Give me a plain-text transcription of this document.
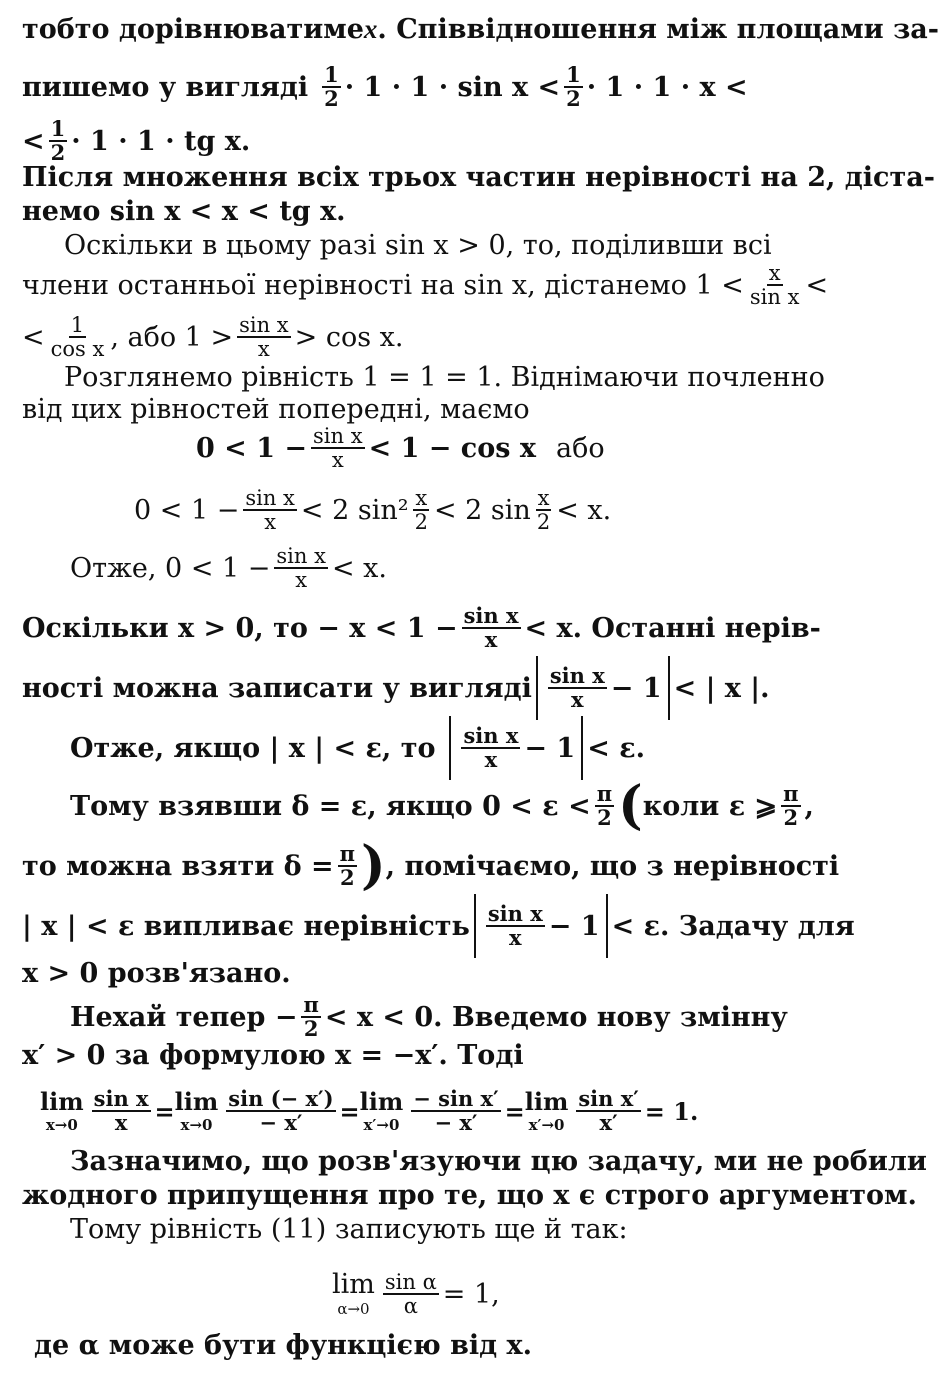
тобто дорівнюватиме x . Співвідношення між площами за-
пишемо у вигляді $\frac{1}{2} \cdot 1 \cdot 1 \cdot \sin x < \frac{1}{2} \cdot 1 \cdot 1 \cdot x$ <
< $\frac{1}{2} \cdot 1 \cdot 1$ · tg x.
Після множення всіх трьох частин нерівності на 2, діста-
немо sin x < x < tg x.
Оскільки в цьому разі sin x > 0, то, поділивши всі
члени останньої нерівності на sin x, дістанемо $1 < \frac{x}{\text{sin x}}$ <
< $\frac{1}{\text{cos x}}$ , або $1 > \frac{\text{sin x}}{x} > \cos x$.
Розглянемо рівність 1 = 1 = 1. Віднімаючи почленно
від цих рівностей попередні, маємо
$0 < 1 - \frac{\text{sin x}}{x} < 1 - \cos x$ або
$0 < 1 - \frac{\text{sin x}}{x} < 2$ $\sin^2 \frac{x}{2} < 2$ $\sin \frac{x}{2} < x$.
Отже, $0 < 1 - \frac{\text{sin x}}{x} < x$.
Оскільки x > 0, то − $x < 1 - \frac{\text{sin x}}{x} < x$. Останні нерів-
ності можна записати у вигляді $\frac{\text{sin x}}{x} - 1$ < | x |.
Отже, якщо | x | < ε, то $\frac{\text{sin x}}{x} - 1 < \varepsilon$.
Тому взявши δ = ε, якщо $0 < \varepsilon < \frac{\pi}{2}$ ( коли ε ⩾ $\frac{\pi}{2}$ ,
то можна взяти $\delta = \frac{\pi}{2}$ ) , помічаємо, що з нерівності
| x | < ε випливає нерівність $\frac{\text{sin x}}{x} - 1 < \varepsilon$. Задачу для
x > 0 розв'язано.
Нехай тепер − $\frac{\pi}{2} < x < 0$. Введемо нову змінну
x′ > 0 за формулою x = −x′. Тоді
lim
$x\to 0 \frac{\text{sin x}}{x} = \lim$
$x\to 0 \frac{\sin (- x')}{- x'} = \lim$
$x'\to 0 \frac{\text{− sin x′}}{- x'} = \lim$
$x'\to 0 \frac{\text{sin x′}}{x'} = 1$.
Зазначимо, що розв'язуючи цю задачу, ми не робили
жодного припущення про те, що x є строго аргументом.
Тому рівність (11) записують ще й так:
lim
$\alpha\to 0 \frac{\text{sin α}}{\alpha} = 1$,
де α може бути функцією від x.
